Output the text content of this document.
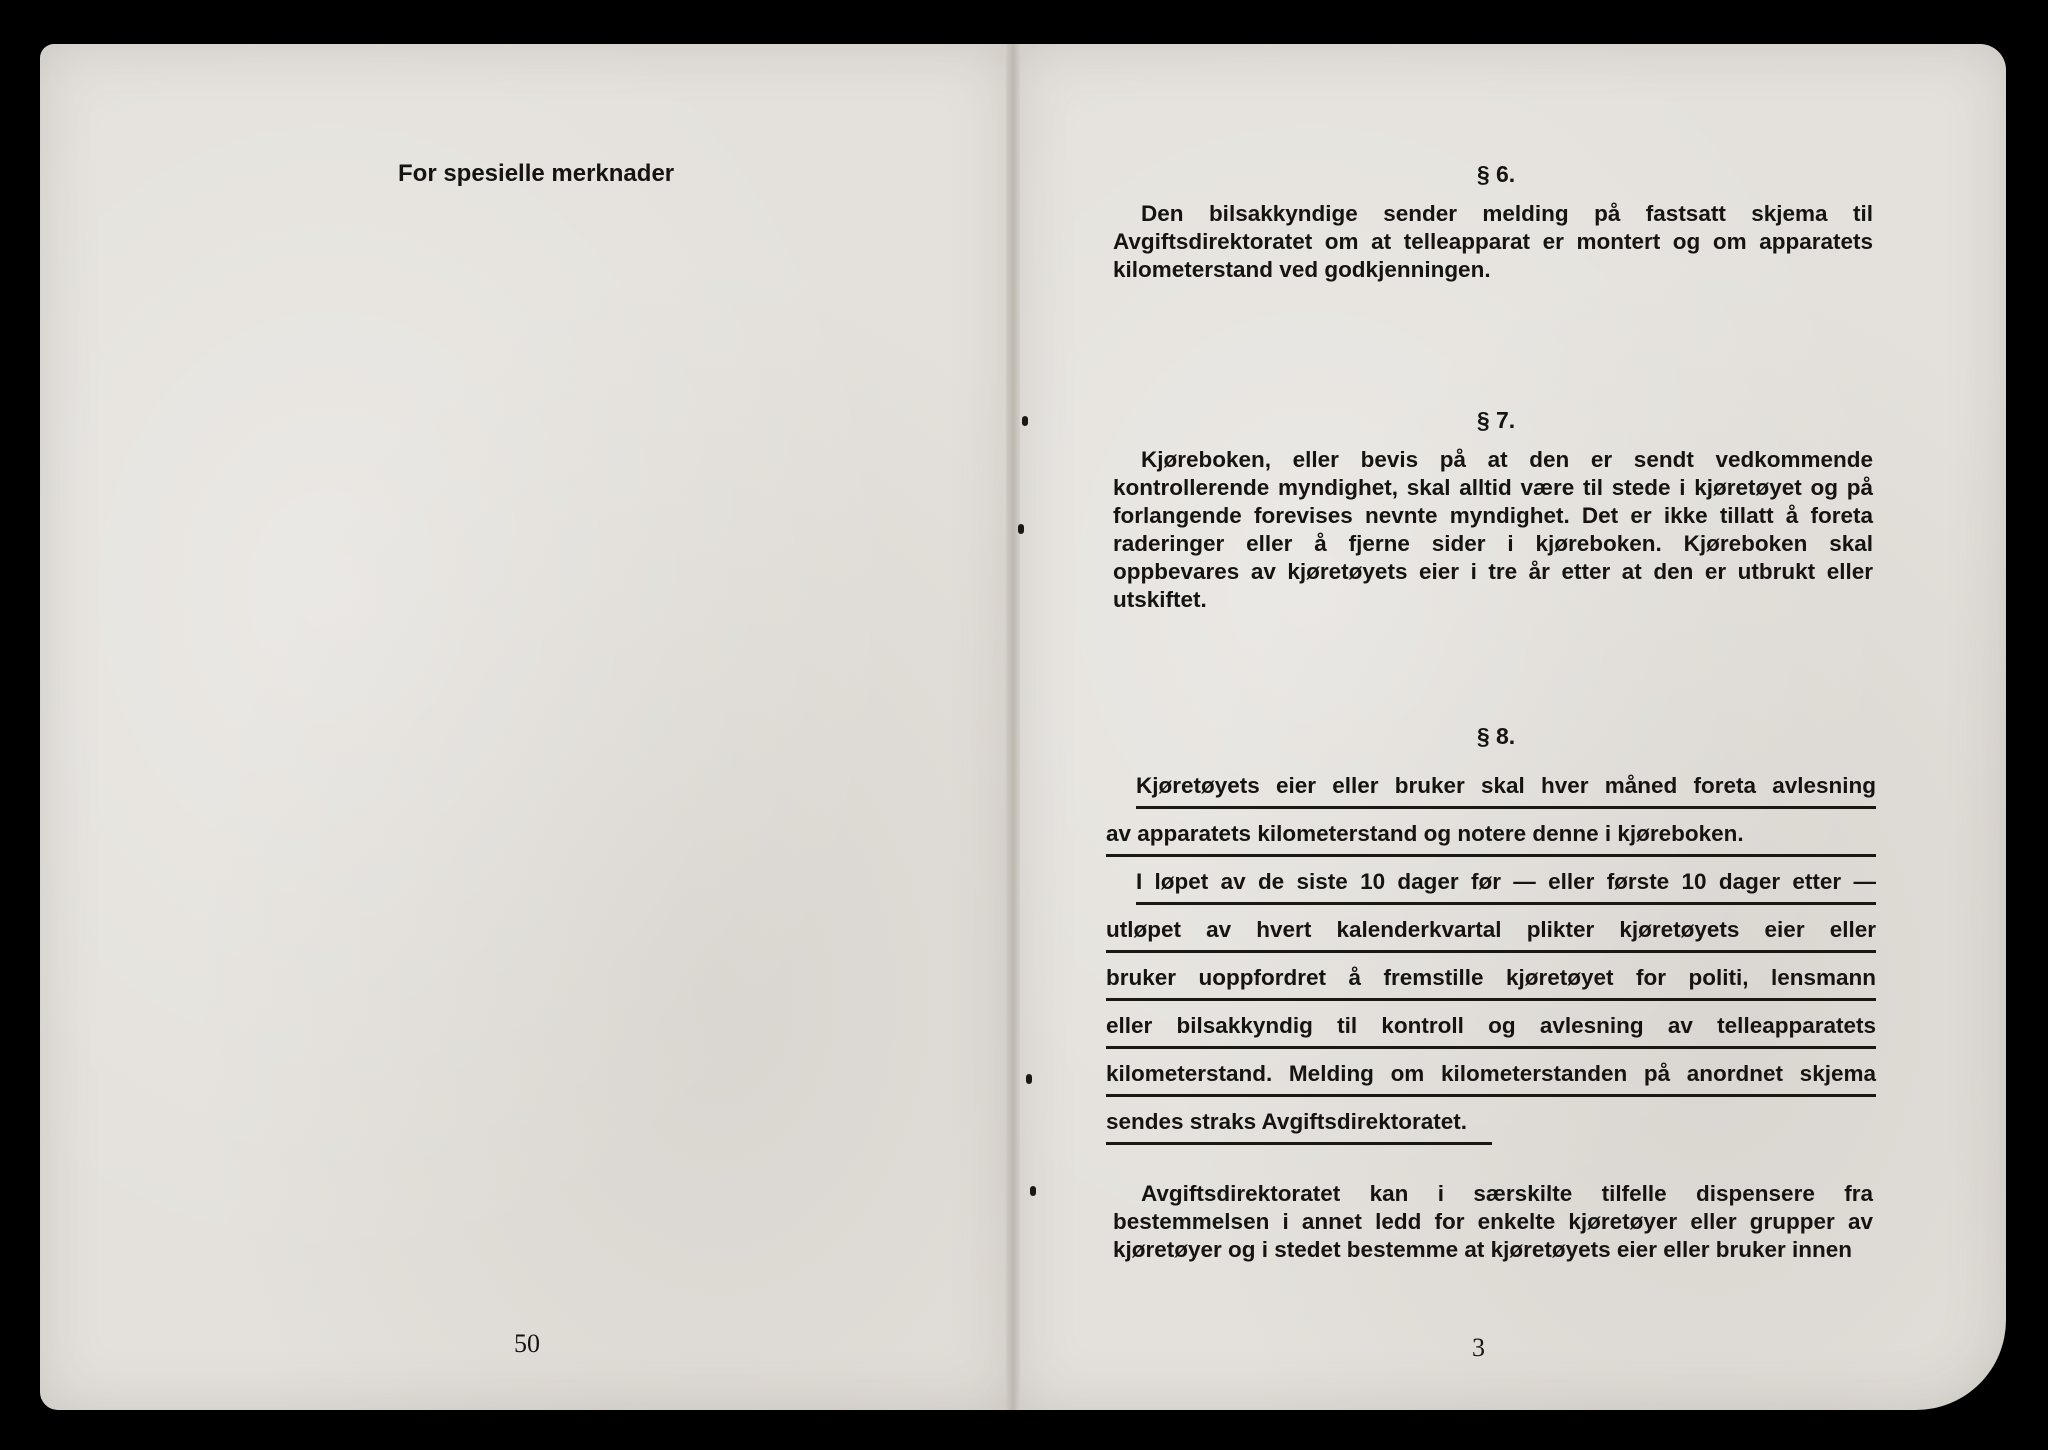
For spesielle merknader

50

§ 6.

Den bilsakkyndige sender melding på fastsatt skjema til Avgiftsdirektoratet om at telleapparat er montert og om apparatets kilometerstand ved godkjenningen.

§ 7.

Kjøreboken, eller bevis på at den er sendt vedkommende kontrollerende myndighet, skal alltid være til stede i kjøretøyet og på forlangende forevises nevnte myndighet. Det er ikke tillatt å foreta raderinger eller å fjerne sider i kjøreboken. Kjøreboken skal oppbevares av kjøretøyets eier i tre år etter at den er utbrukt eller utskiftet.

§ 8.

Kjøretøyets eier eller bruker skal hver måned foreta avlesning
av apparatets kilometerstand og notere denne i kjøreboken.
I løpet av de siste 10 dager før — eller første 10 dager etter —
utløpet av hvert kalenderkvartal plikter kjøretøyets eier eller
bruker uoppfordret å fremstille kjøretøyet for politi, lensmann
eller bilsakkyndig til kontroll og avlesning av telleapparatets
kilometerstand. Melding om kilometerstanden på anordnet skjema
sendes straks Avgiftsdirektoratet.

Avgiftsdirektoratet kan i særskilte tilfelle dispensere fra bestemmelsen i annet ledd for enkelte kjøretøyer eller grupper av kjøretøyer og i stedet bestemme at kjøretøyets eier eller bruker innen

3
